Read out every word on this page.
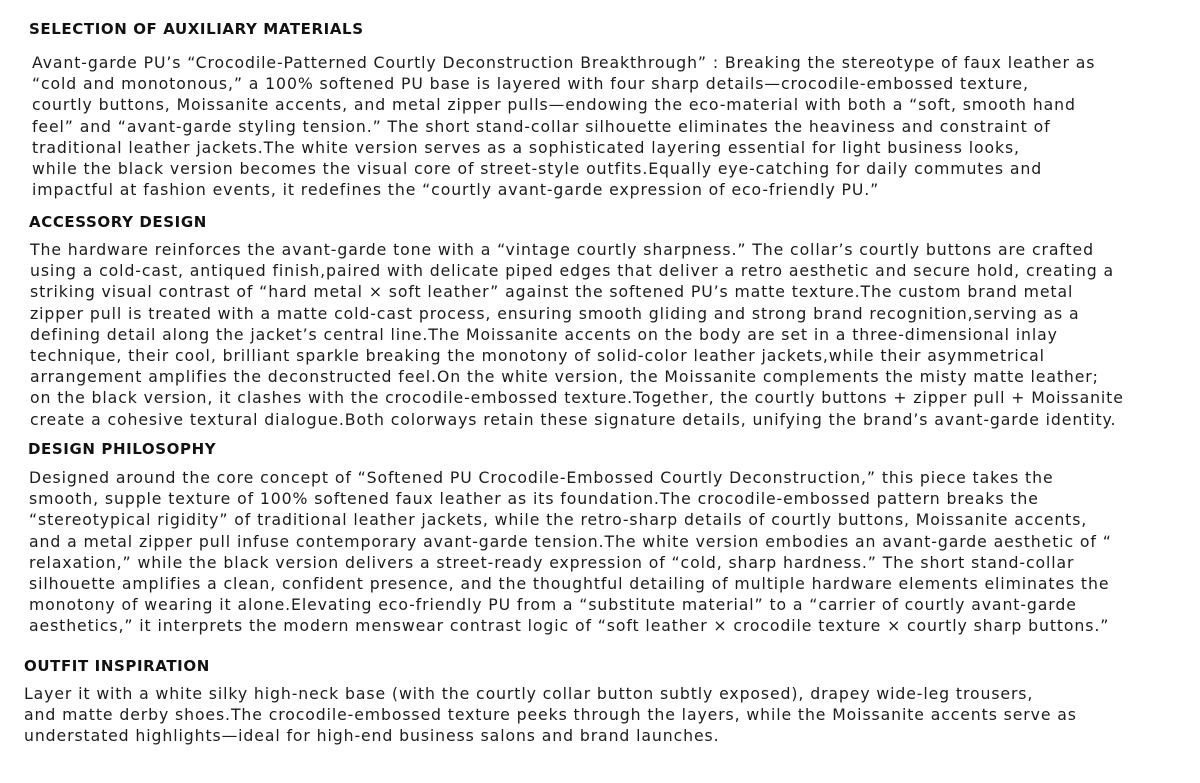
SELECTION OF AUXILIARY MATERIALS

Avant-garde PU’s “Crocodile-Patterned Courtly Deconstruction Breakthrough” : Breaking the stereotype of faux leather as
“cold and monotonous,” a 100% softened PU base is layered with four sharp details—crocodile-embossed texture,
courtly buttons, Moissanite accents, and metal zipper pulls—endowing the eco-material with both a “soft, smooth hand
feel” and “avant-garde styling tension.” The short stand-collar silhouette eliminates the heaviness and constraint of
traditional leather jackets.The white version serves as a sophisticated layering essential for light business looks,
while the black version becomes the visual core of street-style outfits.Equally eye-catching for daily commutes and
impactful at fashion events, it redefines the “courtly avant-garde expression of eco-friendly PU.”

ACCESSORY DESIGN

The hardware reinforces the avant-garde tone with a “vintage courtly sharpness.” The collar’s courtly buttons are crafted
using a cold-cast, antiqued finish,paired with delicate piped edges that deliver a retro aesthetic and secure hold, creating a
striking visual contrast of “hard metal × soft leather” against the softened PU’s matte texture.The custom brand metal
zipper pull is treated with a matte cold-cast process, ensuring smooth gliding and strong brand recognition,serving as a
defining detail along the jacket’s central line.The Moissanite accents on the body are set in a three-dimensional inlay
technique, their cool, brilliant sparkle breaking the monotony of solid-color leather jackets,while their asymmetrical
arrangement amplifies the deconstructed feel.On the white version, the Moissanite complements the misty matte leather;
on the black version, it clashes with the crocodile-embossed texture.Together, the courtly buttons + zipper pull + Moissanite
create a cohesive textural dialogue.Both colorways retain these signature details, unifying the brand’s avant-garde identity.

DESIGN PHILOSOPHY

Designed around the core concept of “Softened PU Crocodile-Embossed Courtly Deconstruction,” this piece takes the
smooth, supple texture of 100% softened faux leather as its foundation.The crocodile-embossed pattern breaks the
“stereotypical rigidity” of traditional leather jackets, while the retro-sharp details of courtly buttons, Moissanite accents,
and a metal zipper pull infuse contemporary avant-garde tension.The white version embodies an avant-garde aesthetic of “
relaxation,” while the black version delivers a street-ready expression of “cold, sharp hardness.” The short stand-collar
silhouette amplifies a clean, confident presence, and the thoughtful detailing of multiple hardware elements eliminates the
monotony of wearing it alone.Elevating eco-friendly PU from a “substitute material” to a “carrier of courtly avant-garde
aesthetics,” it interprets the modern menswear contrast logic of “soft leather × crocodile texture × courtly sharp buttons.”

OUTFIT INSPIRATION

Layer it with a white silky high-neck base (with the courtly collar button subtly exposed), drapey wide-leg trousers,
and matte derby shoes.The crocodile-embossed texture peeks through the layers, while the Moissanite accents serve as
understated highlights—ideal for high-end business salons and brand launches.
